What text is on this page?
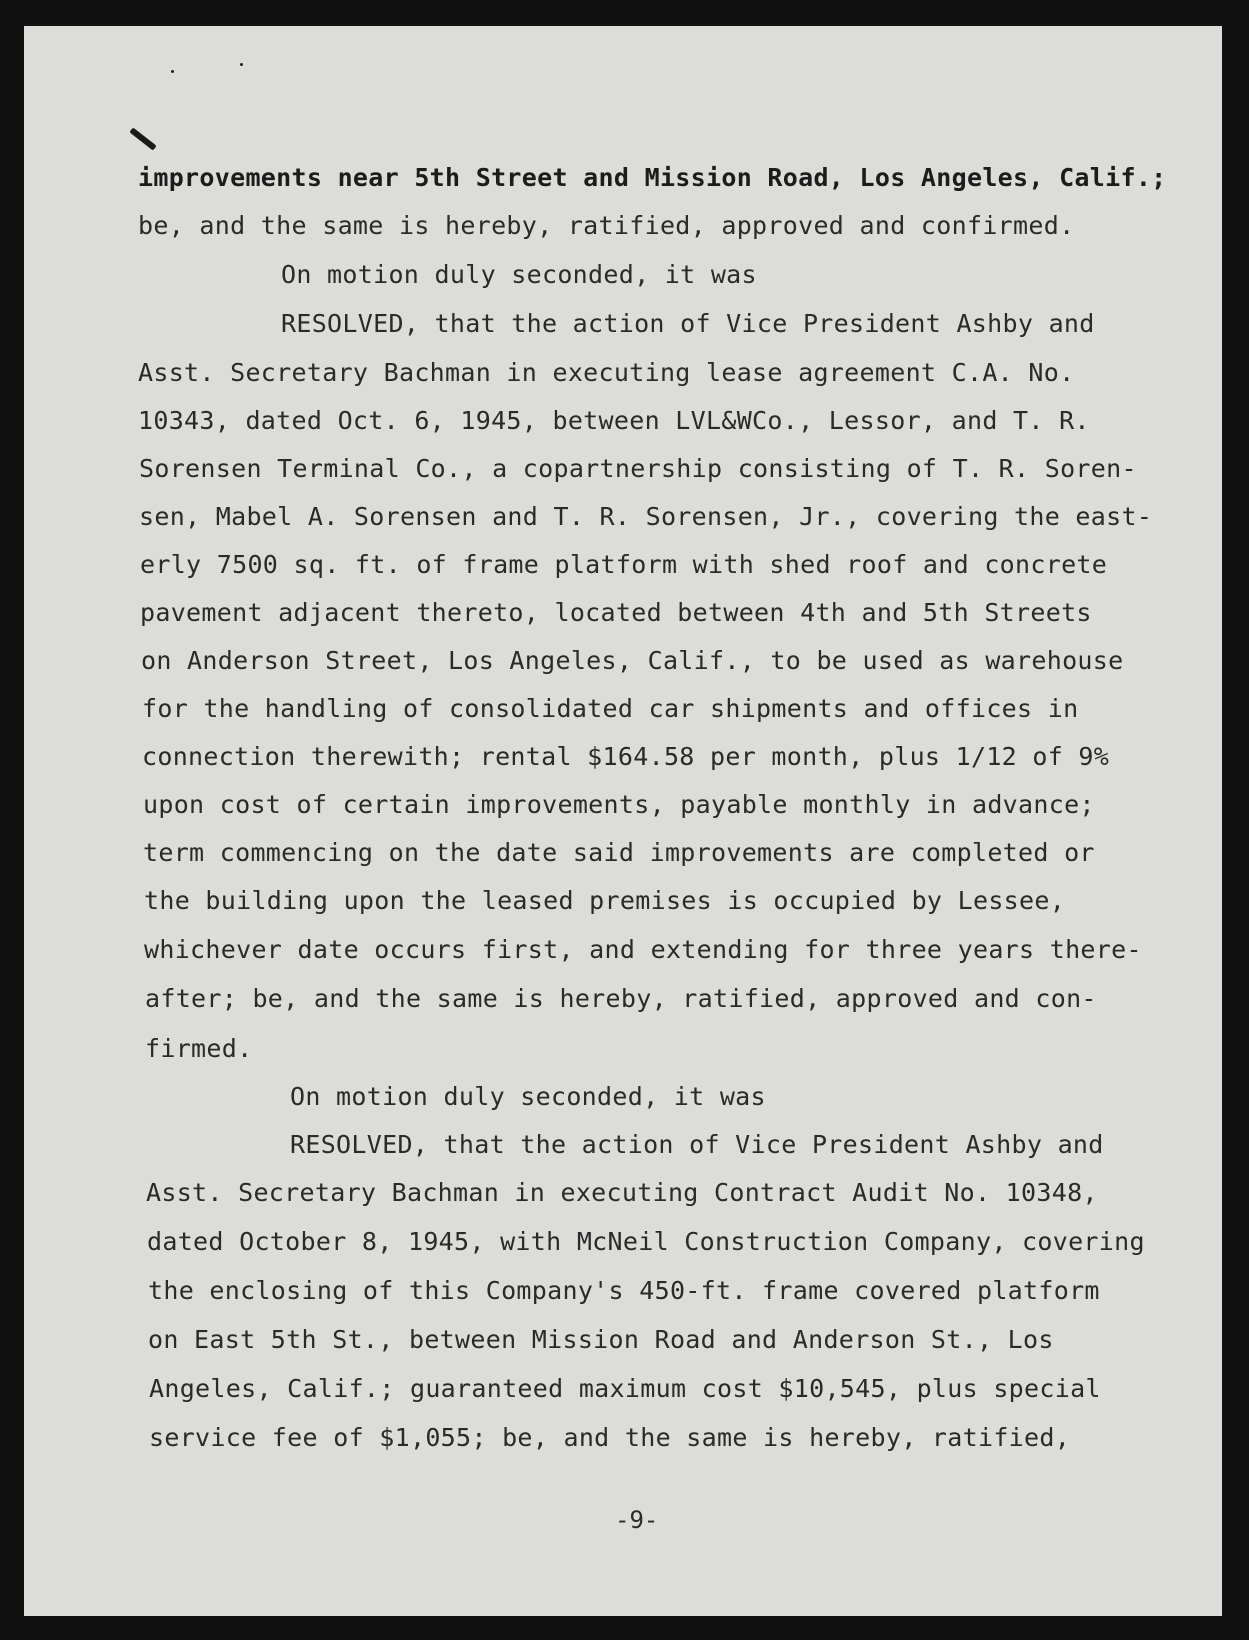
improvements near 5th Street and Mission Road, Los Angeles, Calif.;
be, and the same is hereby, ratified, approved and confirmed.
On motion duly seconded, it was
RESOLVED, that the action of Vice President Ashby and
Asst. Secretary Bachman in executing lease agreement C.A. No.
10343, dated Oct. 6, 1945, between LVL&WCo., Lessor, and T. R.
Sorensen Terminal Co., a copartnership consisting of T. R. Soren-
sen, Mabel A. Sorensen and T. R. Sorensen, Jr., covering the east-
erly 7500 sq. ft. of frame platform with shed roof and concrete
pavement adjacent thereto, located between 4th and 5th Streets
on Anderson Street, Los Angeles, Calif., to be used as warehouse
for the handling of consolidated car shipments and offices in
connection therewith; rental $164.58 per month, plus 1/12 of 9%
upon cost of certain improvements, payable monthly in advance;
term commencing on the date said improvements are completed or
the building upon the leased premises is occupied by Lessee,
whichever date occurs first, and extending for three years there-
after; be, and the same is hereby, ratified, approved and con-
firmed.
On motion duly seconded, it was
RESOLVED, that the action of Vice President Ashby and
Asst. Secretary Bachman in executing Contract Audit No. 10348,
dated October 8, 1945, with McNeil Construction Company, covering
the enclosing of this Company's 450-ft. frame covered platform
on East 5th St., between Mission Road and Anderson St., Los
Angeles, Calif.; guaranteed maximum cost $10,545, plus special
service fee of $1,055; be, and the same is hereby, ratified,
-9-
